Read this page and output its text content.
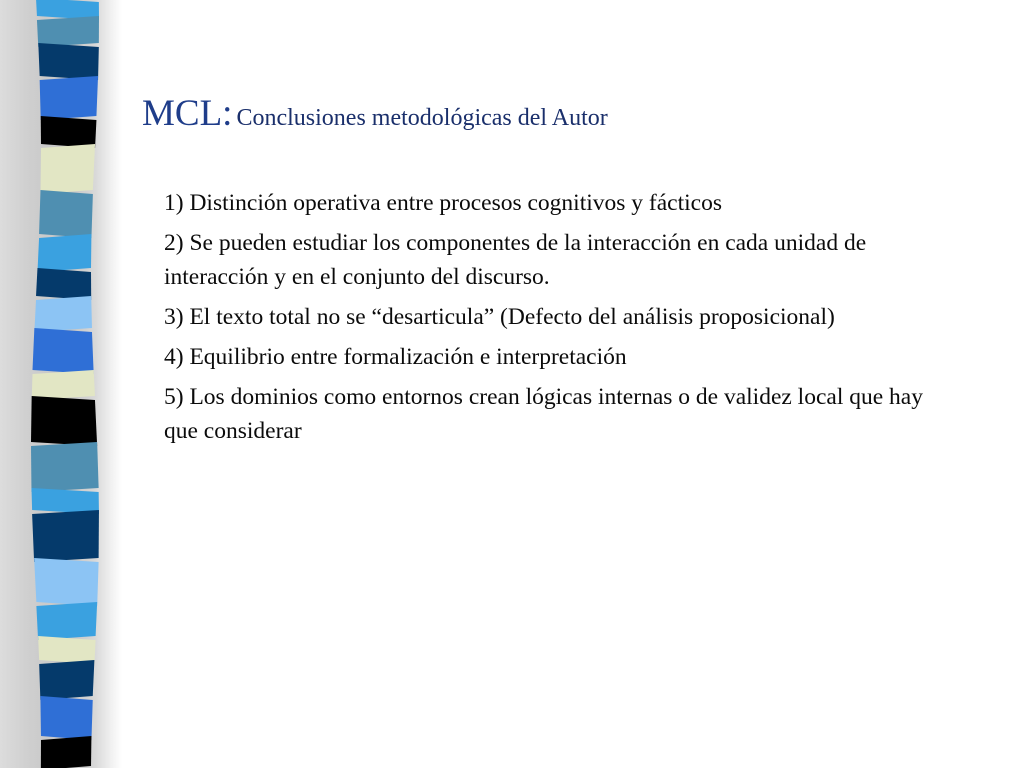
MCL: Conclusiones metodológicas del Autor
1) Distinción operativa entre procesos cognitivos y fácticos
2) Se pueden estudiar los componentes de la interacción en cada unidad de interacción y en el conjunto del discurso.
3) El texto total no se “desarticula” (Defecto del análisis proposicional)
4) Equilibrio entre formalización e interpretación
5) Los dominios como entornos crean lógicas internas o de validez local que hay que considerar
